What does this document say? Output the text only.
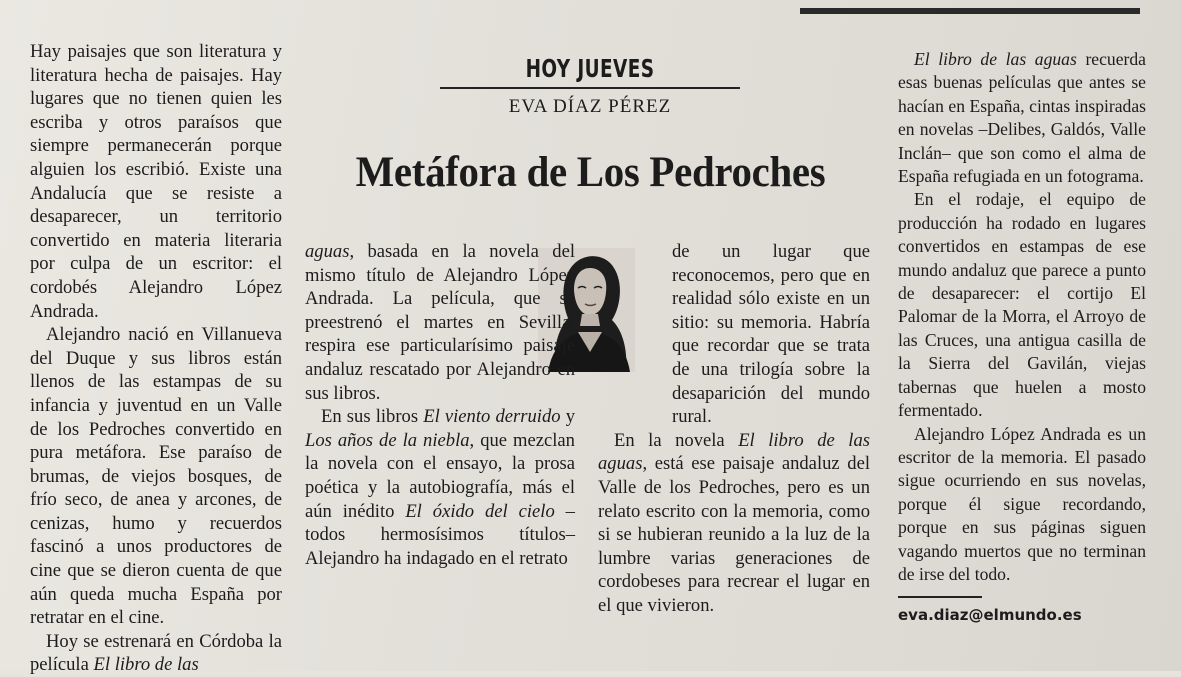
Hay paisajes que son literatura y literatura hecha de paisajes. Hay lugares que no tienen quien les escriba y otros paraísos que siempre permanecerán porque alguien los escribió. Existe una Andalucía que se resiste a desaparecer, un territorio convertido en materia literaria por culpa de un escritor: el cordobés Alejandro López Andrada.

Alejandro nació en Villanueva del Duque y sus libros están llenos de las estampas de su infancia y juventud en un Valle de los Pedroches convertido en pura metáfora. Ese paraíso de brumas, de viejos bosques, de frío seco, de anea y arcones, de cenizas, humo y recuerdos fascinó a unos productores de cine que se dieron cuenta de que aún queda mucha España por retratar en el cine.

Hoy se estrenará en Córdoba la película El libro de las

HOY JUEVES
EVA DÍAZ PÉREZ
Metáfora de Los Pedroches

aguas, basada en la novela del mismo título de Alejandro López Andrada. La película, que se preestrenó el martes en Sevilla, respira ese particularísimo paisaje andaluz rescatado por Alejandro en sus libros.

En sus libros El viento derruido y Los años de la niebla, que mezclan la novela con el ensayo, la prosa poética y la autobiografía, más el aún inédito El óxido del cielo –todos hermosísimos títulos– Alejandro ha indagado en el retrato

de un lugar que reconocemos, pero que en realidad sólo existe en un sitio: su memoria. Habría que recordar que se trata de una trilogía sobre la desaparición del mundo rural.

En la novela El libro de las aguas, está ese paisaje andaluz del Valle de los Pedroches, pero es un relato escrito con la memoria, como si se hubieran reunido a la luz de la lumbre varias generaciones de cordobeses para recrear el lugar en el que vivieron.

El libro de las aguas recuerda esas buenas películas que antes se hacían en España, cintas inspiradas en novelas –Delibes, Galdós, Valle Inclán– que son como el alma de España refugiada en un fotograma.

En el rodaje, el equipo de producción ha rodado en lugares convertidos en estampas de ese mundo andaluz que parece a punto de desaparecer: el cortijo El Palomar de la Morra, el Arroyo de las Cruces, una antigua casilla de la Sierra del Gavilán, viejas tabernas que huelen a mosto fermentado.

Alejandro López Andrada es un escritor de la memoria. El pasado sigue ocurriendo en sus novelas, porque él sigue recordando, porque en sus páginas siguen vagando muertos que no terminan de irse del todo.

eva.diaz@elmundo.es
